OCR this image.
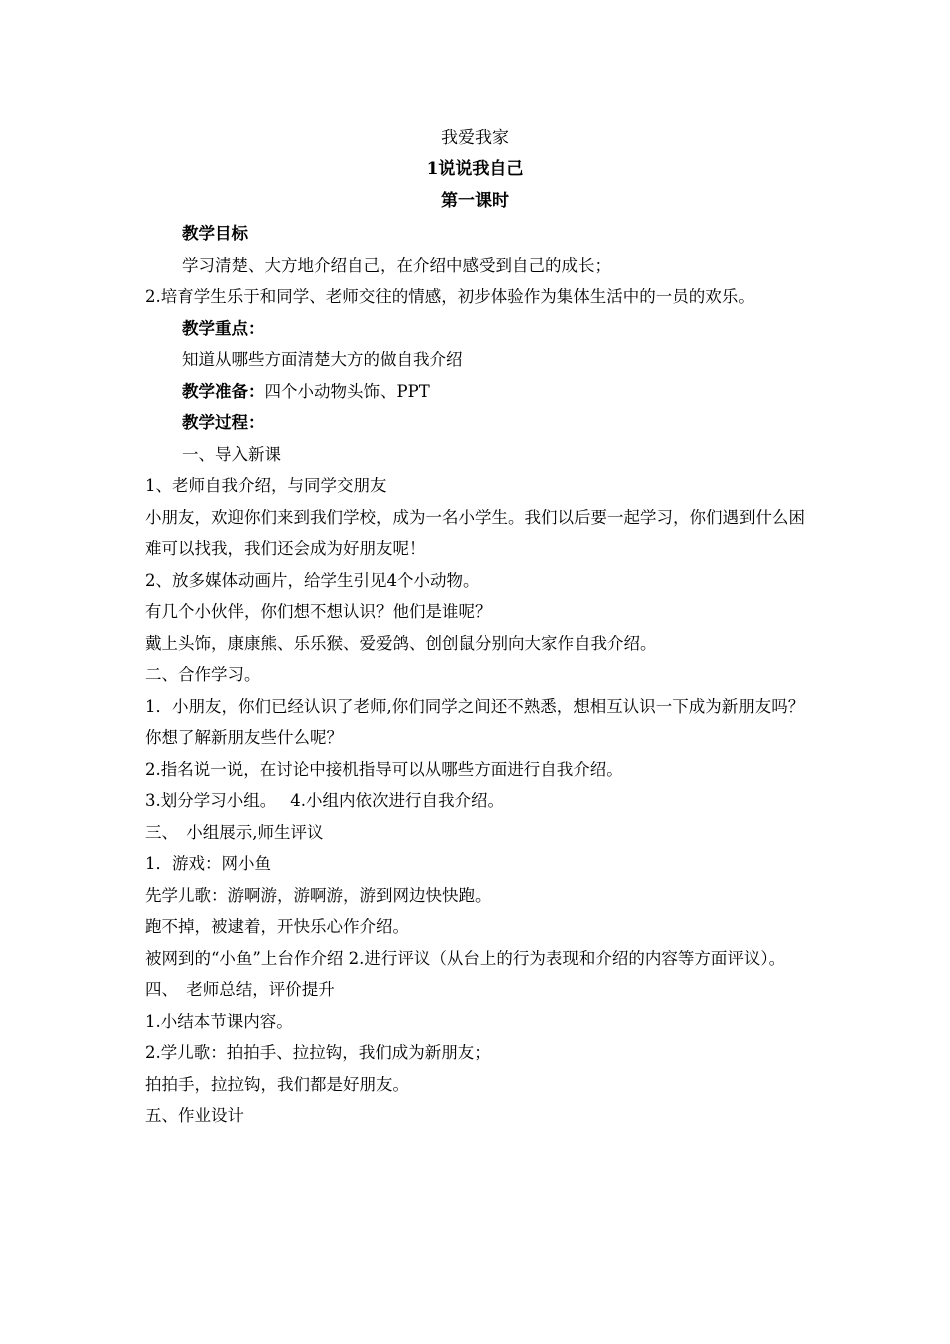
我爱我家
1说说我自己
第一课时

教学目标

学习清楚、大方地介绍自己，在介绍中感受到自己的成长；

2.培育学生乐于和同学、老师交往的情感，初步体验作为集体生活中的一员的欢乐。

教学重点：

知道从哪些方面清楚大方的做自我介绍

教学准备：四个小动物头饰、PPT

教学过程：

一、导入新课

1、老师自我介绍，与同学交朋友

小朋友，欢迎你们来到我们学校，成为一名小学生。我们以后要一起学习，你们遇到什么困难可以找我，我们还会成为好朋友呢！

2、放多媒体动画片，给学生引见4个小动物。

有几个小伙伴，你们想不想认识？他们是谁呢？

戴上头饰，康康熊、乐乐猴、爱爱鸽、创创鼠分别向大家作自我介绍。

二、合作学习。

1．小朋友，你们已经认识了老师,你们同学之间还不熟悉，想相互认识一下成为新朋友吗？你想了解新朋友些什么呢？

2.指名说一说，在讨论中接机指导可以从哪些方面进行自我介绍。

3.划分学习小组。 4.小组内依次进行自我介绍。

三、　小组展示,师生评议

1．游戏：网小鱼

先学儿歌：游啊游，游啊游，游到网边快快跑。

跑不掉，被逮着，开快乐心作介绍。

被网到的“小鱼”上台作介绍 2.进行评议（从台上的行为表现和介绍的内容等方面评议）。

四、　老师总结，评价提升

1.小结本节课内容。

2.学儿歌：拍拍手、拉拉钩，我们成为新朋友；

拍拍手，拉拉钩，我们都是好朋友。

五、作业设计
